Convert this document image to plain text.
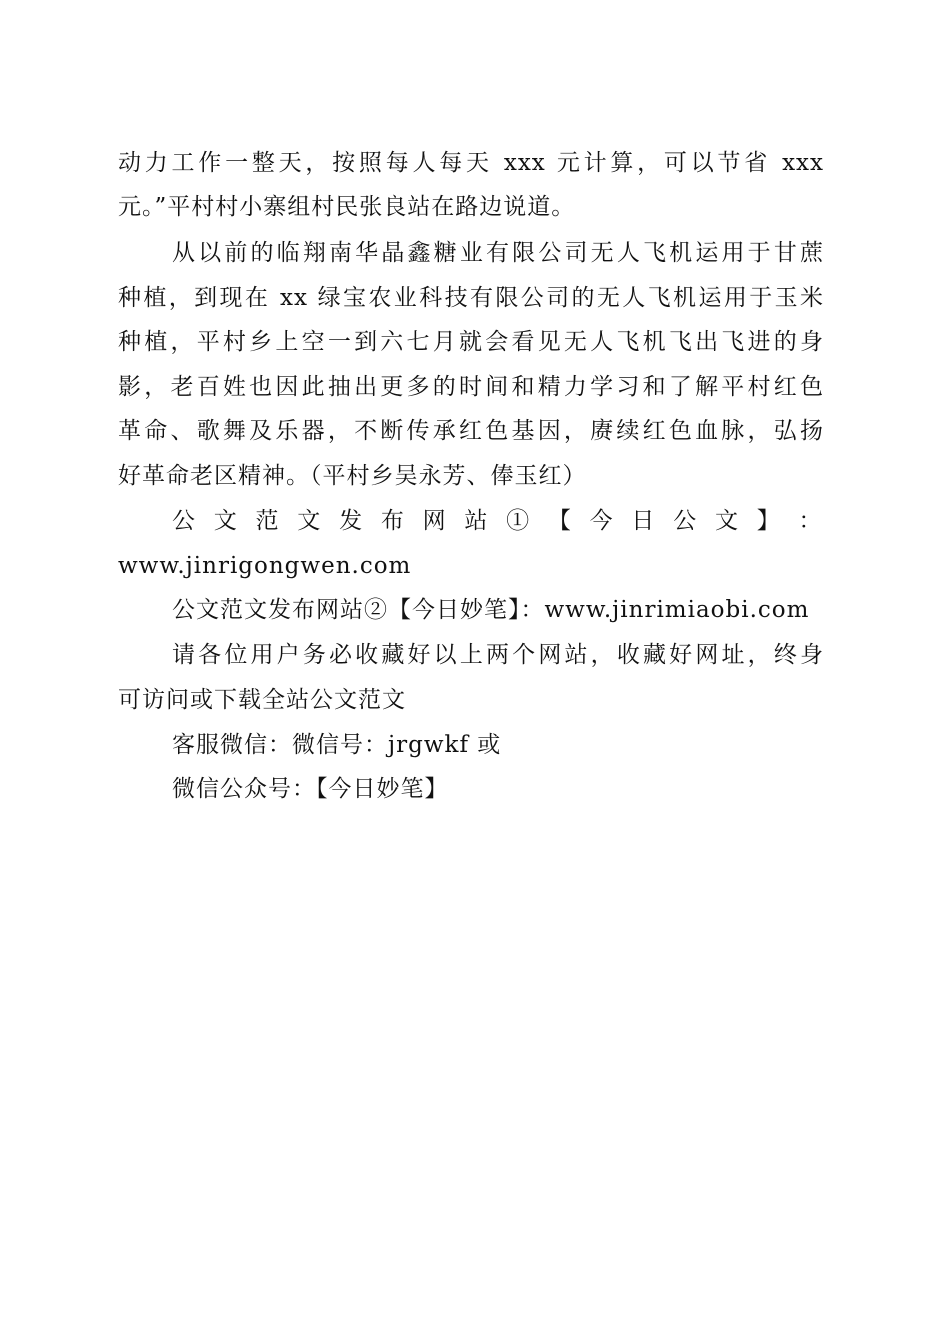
动力工作一整天，按照每人每天 xxx 元计算，可以节省 xxx
元。”平村村小寨组村民张良站在路边说道。
从以前的临翔南华晶鑫糖业有限公司无人飞机运用于甘蔗
种植，到现在 xx 绿宝农业科技有限公司的无人飞机运用于玉米
种植，平村乡上空一到六七月就会看见无人飞机飞出飞进的身
影，老百姓也因此抽出更多的时间和精力学习和了解平村红色
革命、歌舞及乐器，不断传承红色基因，赓续红色血脉，弘扬
好革命老区精神。（平村乡吴永芳、俸玉红）
公 文 范 文 发 布 网 站 ① 【 今 日 公 文 】 ：
www.jinrigongwen.com
公文范文发布网站②【今日妙笔】：www.jinrimiaobi.com
请各位用户务必收藏好以上两个网站，收藏好网址，终身
可访问或下载全站公文范文
客服微信：微信号：jrgwkf 或
微信公众号：【今日妙笔】
